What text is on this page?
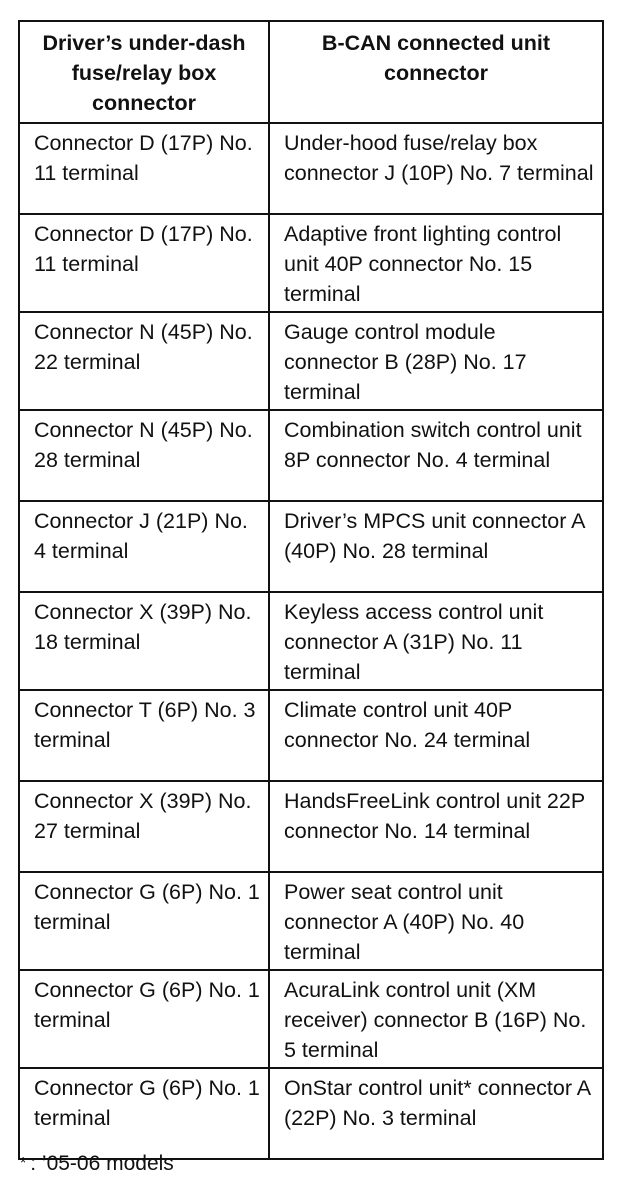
Driver’s under-dash fuse/relay box connector	B-CAN connected unit connector
Connector D (17P) No. 11 terminal	Under-hood fuse/relay box connector J (10P) No. 7 terminal
Connector D (17P) No. 11 terminal	Adaptive front lighting control unit 40P connector No. 15 terminal
Connector N (45P) No. 22 terminal	Gauge control module connector B (28P) No. 17 terminal
Connector N (45P) No. 28 terminal	Combination switch control unit 8P connector No. 4 terminal
Connector J (21P) No. 4 terminal	Driver’s MPCS unit connector A (40P) No. 28 terminal
Connector X (39P) No. 18 terminal	Keyless access control unit connector A (31P) No. 11 terminal
Connector T (6P) No. 3 terminal	Climate control unit 40P connector No. 24 terminal
Connector X (39P) No. 27 terminal	HandsFreeLink control unit 22P connector No. 14 terminal
Connector G (6P) No. 1 terminal	Power seat control unit connector A (40P) No. 40 terminal
Connector G (6P) No. 1 terminal	AcuraLink control unit (XM receiver) connector B (16P) No. 5 terminal
Connector G (6P) No. 1 terminal	OnStar control unit* connector A (22P) No. 3 terminal
* : ’05-06 models
